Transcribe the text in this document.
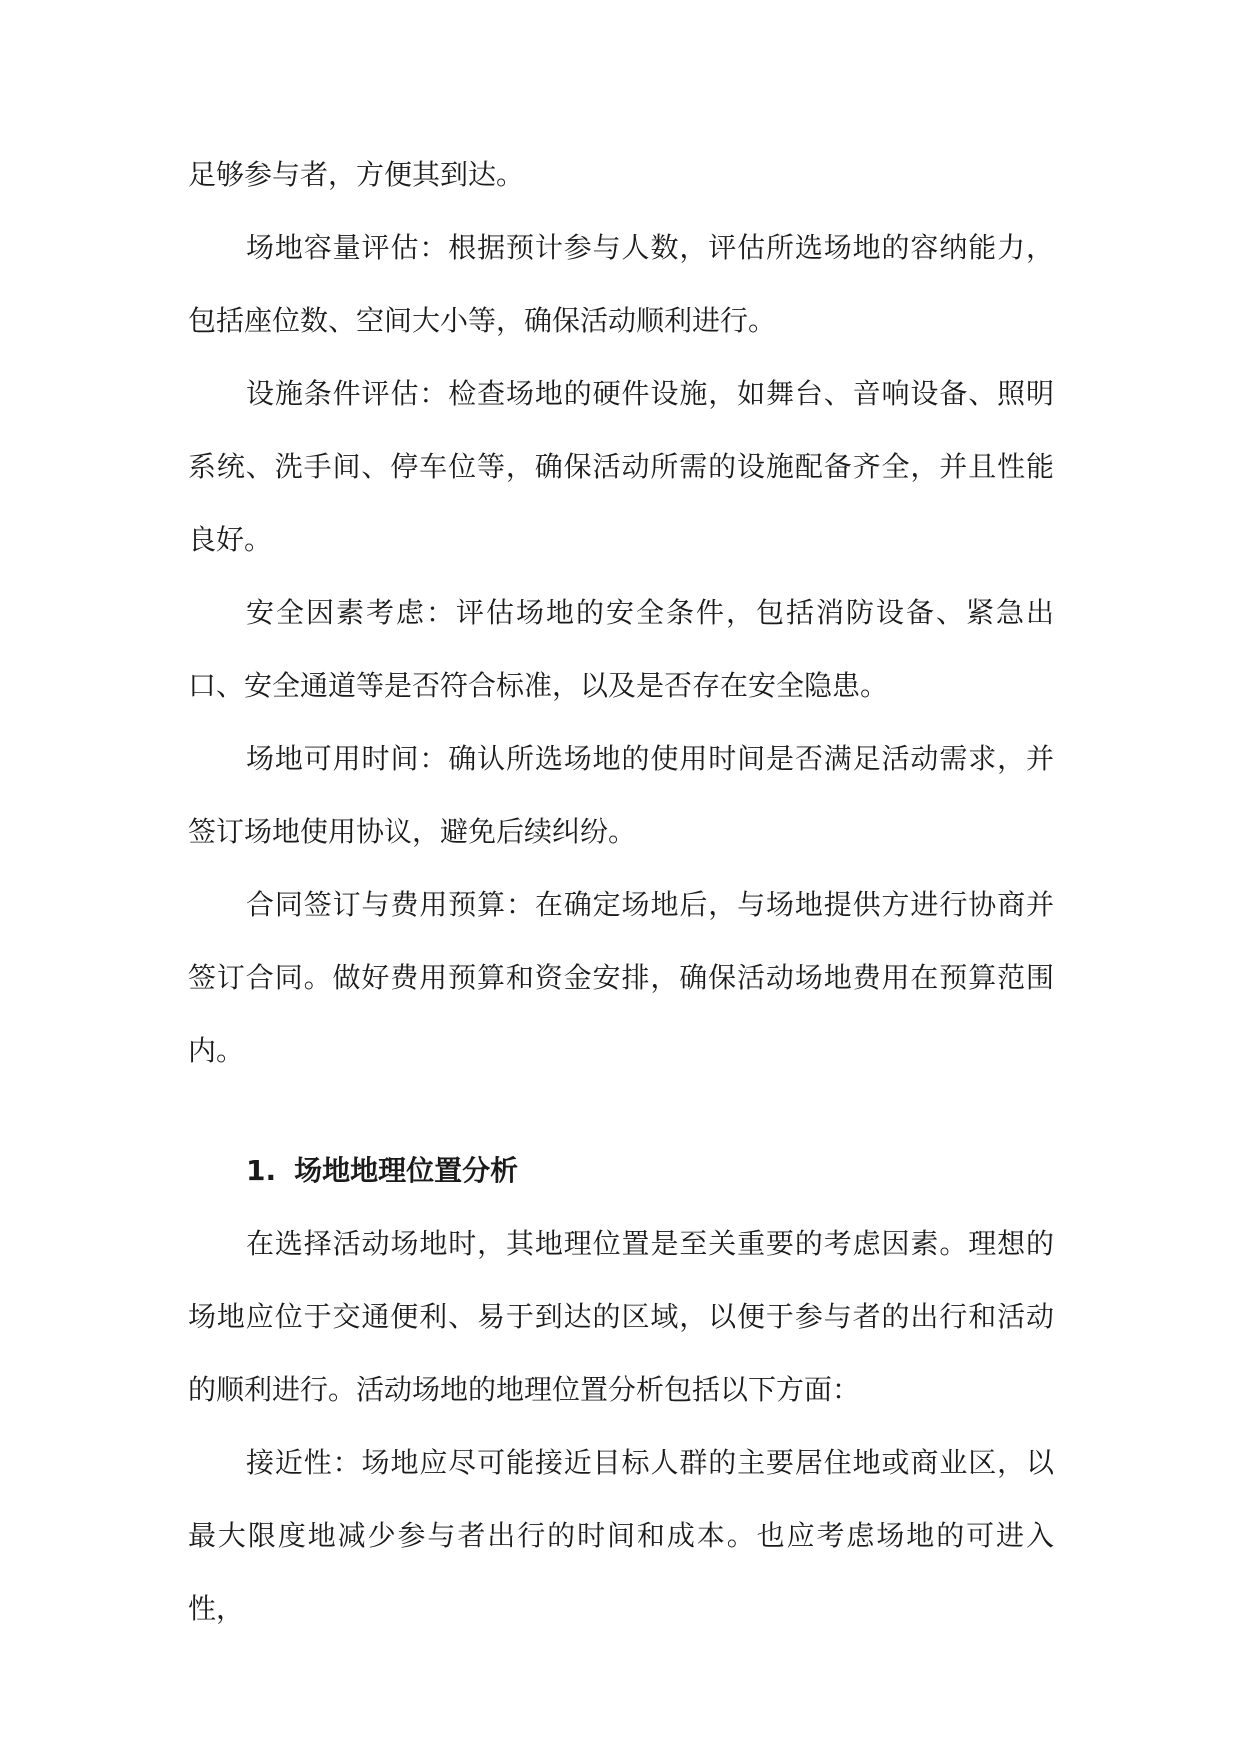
足够参与者，方便其到达。

场地容量评估：根据预计参与人数，评估所选场地的容纳能力，包括座位数、空间大小等，确保活动顺利进行。

设施条件评估：检查场地的硬件设施，如舞台、音响设备、照明系统、洗手间、停车位等，确保活动所需的设施配备齐全，并且性能良好。

安全因素考虑：评估场地的安全条件，包括消防设备、紧急出口、安全通道等是否符合标准，以及是否存在安全隐患。

场地可用时间：确认所选场地的使用时间是否满足活动需求，并签订场地使用协议，避免后续纠纷。

合同签订与费用预算：在确定场地后，与场地提供方进行协商并签订合同。做好费用预算和资金安排，确保活动场地费用在预算范围内。

1. 场地地理位置分析

在选择活动场地时，其地理位置是至关重要的考虑因素。理想的场地应位于交通便利、易于到达的区域，以便于参与者的出行和活动的顺利进行。活动场地的地理位置分析包括以下方面：

接近性：场地应尽可能接近目标人群的主要居住地或商业区，以最大限度地减少参与者出行的时间和成本。也应考虑场地的可进入性，
